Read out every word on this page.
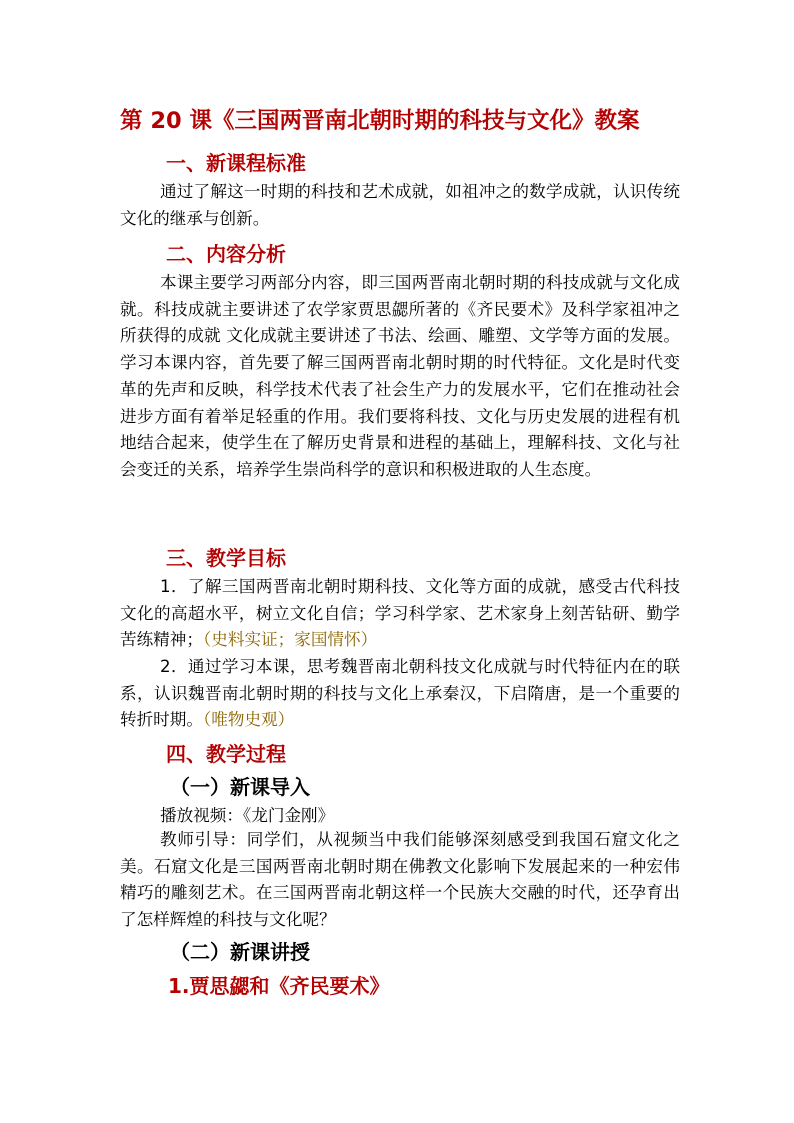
第 20 课《三国两晋南北朝时期的科技与文化》教案
一、新课程标准
通过了解这一时期的科技和艺术成就，如祖冲之的数学成就，认识传统文化的继承与创新。
二、内容分析
本课主要学习两部分内容，即三国两晋南北朝时期的科技成就与文化成就。科技成就主要讲述了农学家贾思勰所著的《齐民要术》及科学家祖冲之所获得的成就 文化成就主要讲述了书法、绘画、雕塑、文学等方面的发展。学习本课内容，首先要了解三国两晋南北朝时期的时代特征。文化是时代变革的先声和反映，科学技术代表了社会生产力的发展水平，它们在推动社会进步方面有着举足轻重的作用。我们要将科技、文化与历史发展的进程有机地结合起来，使学生在了解历史背景和进程的基础上，理解科技、文化与社会变迁的关系，培养学生崇尚科学的意识和积极进取的人生态度。
三、教学目标
1．了解三国两晋南北朝时期科技、文化等方面的成就，感受古代科技文化的高超水平，树立文化自信；学习科学家、艺术家身上刻苦钻研、勤学苦练精神；（史料实证；家国情怀）
2．通过学习本课，思考魏晋南北朝科技文化成就与时代特征内在的联系，认识魏晋南北朝时期的科技与文化上承秦汉，下启隋唐，是一个重要的转折时期。（唯物史观）
四、教学过程
（一）新课导入
播放视频：《龙门金刚》
教师引导：同学们，从视频当中我们能够深刻感受到我国石窟文化之美。石窟文化是三国两晋南北朝时期在佛教文化影响下发展起来的一种宏伟精巧的雕刻艺术。在三国两晋南北朝这样一个民族大交融的时代，还孕育出了怎样辉煌的科技与文化呢？
（二）新课讲授
1.贾思勰和《齐民要术》
